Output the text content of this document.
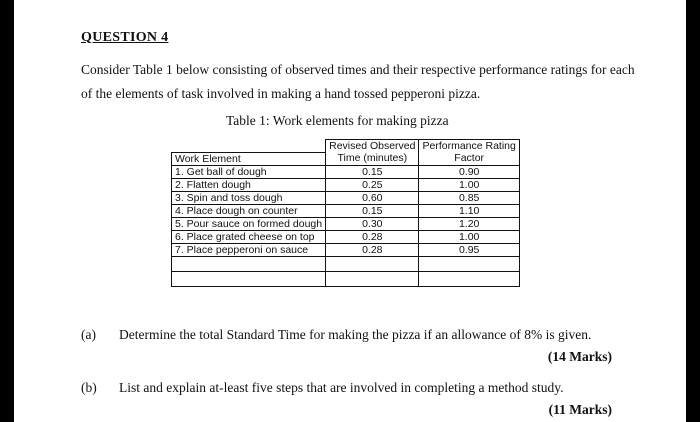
QUESTION 4
Consider Table 1 below consisting of observed times and their respective performance ratings for each of the elements of task involved in making a hand tossed pepperoni pizza.
Table 1: Work elements for making pizza
	Revised Observed	Performance Rating
Work Element	Time (minutes)	Factor
1. Get ball of dough	0.15	0.90
2. Flatten dough	0.25	1.00
3. Spin and toss dough	0.60	0.85
4. Place dough on counter	0.15	1.10
5. Pour sauce on formed dough	0.30	1.20
6. Place grated cheese on top	0.28	1.00
7. Place pepperoni on sauce	0.28	0.95

(a) Determine the total Standard Time for making the pizza if an allowance of 8% is given.
(14 Marks)
(b) List and explain at-least five steps that are involved in completing a method study.
(11 Marks)
